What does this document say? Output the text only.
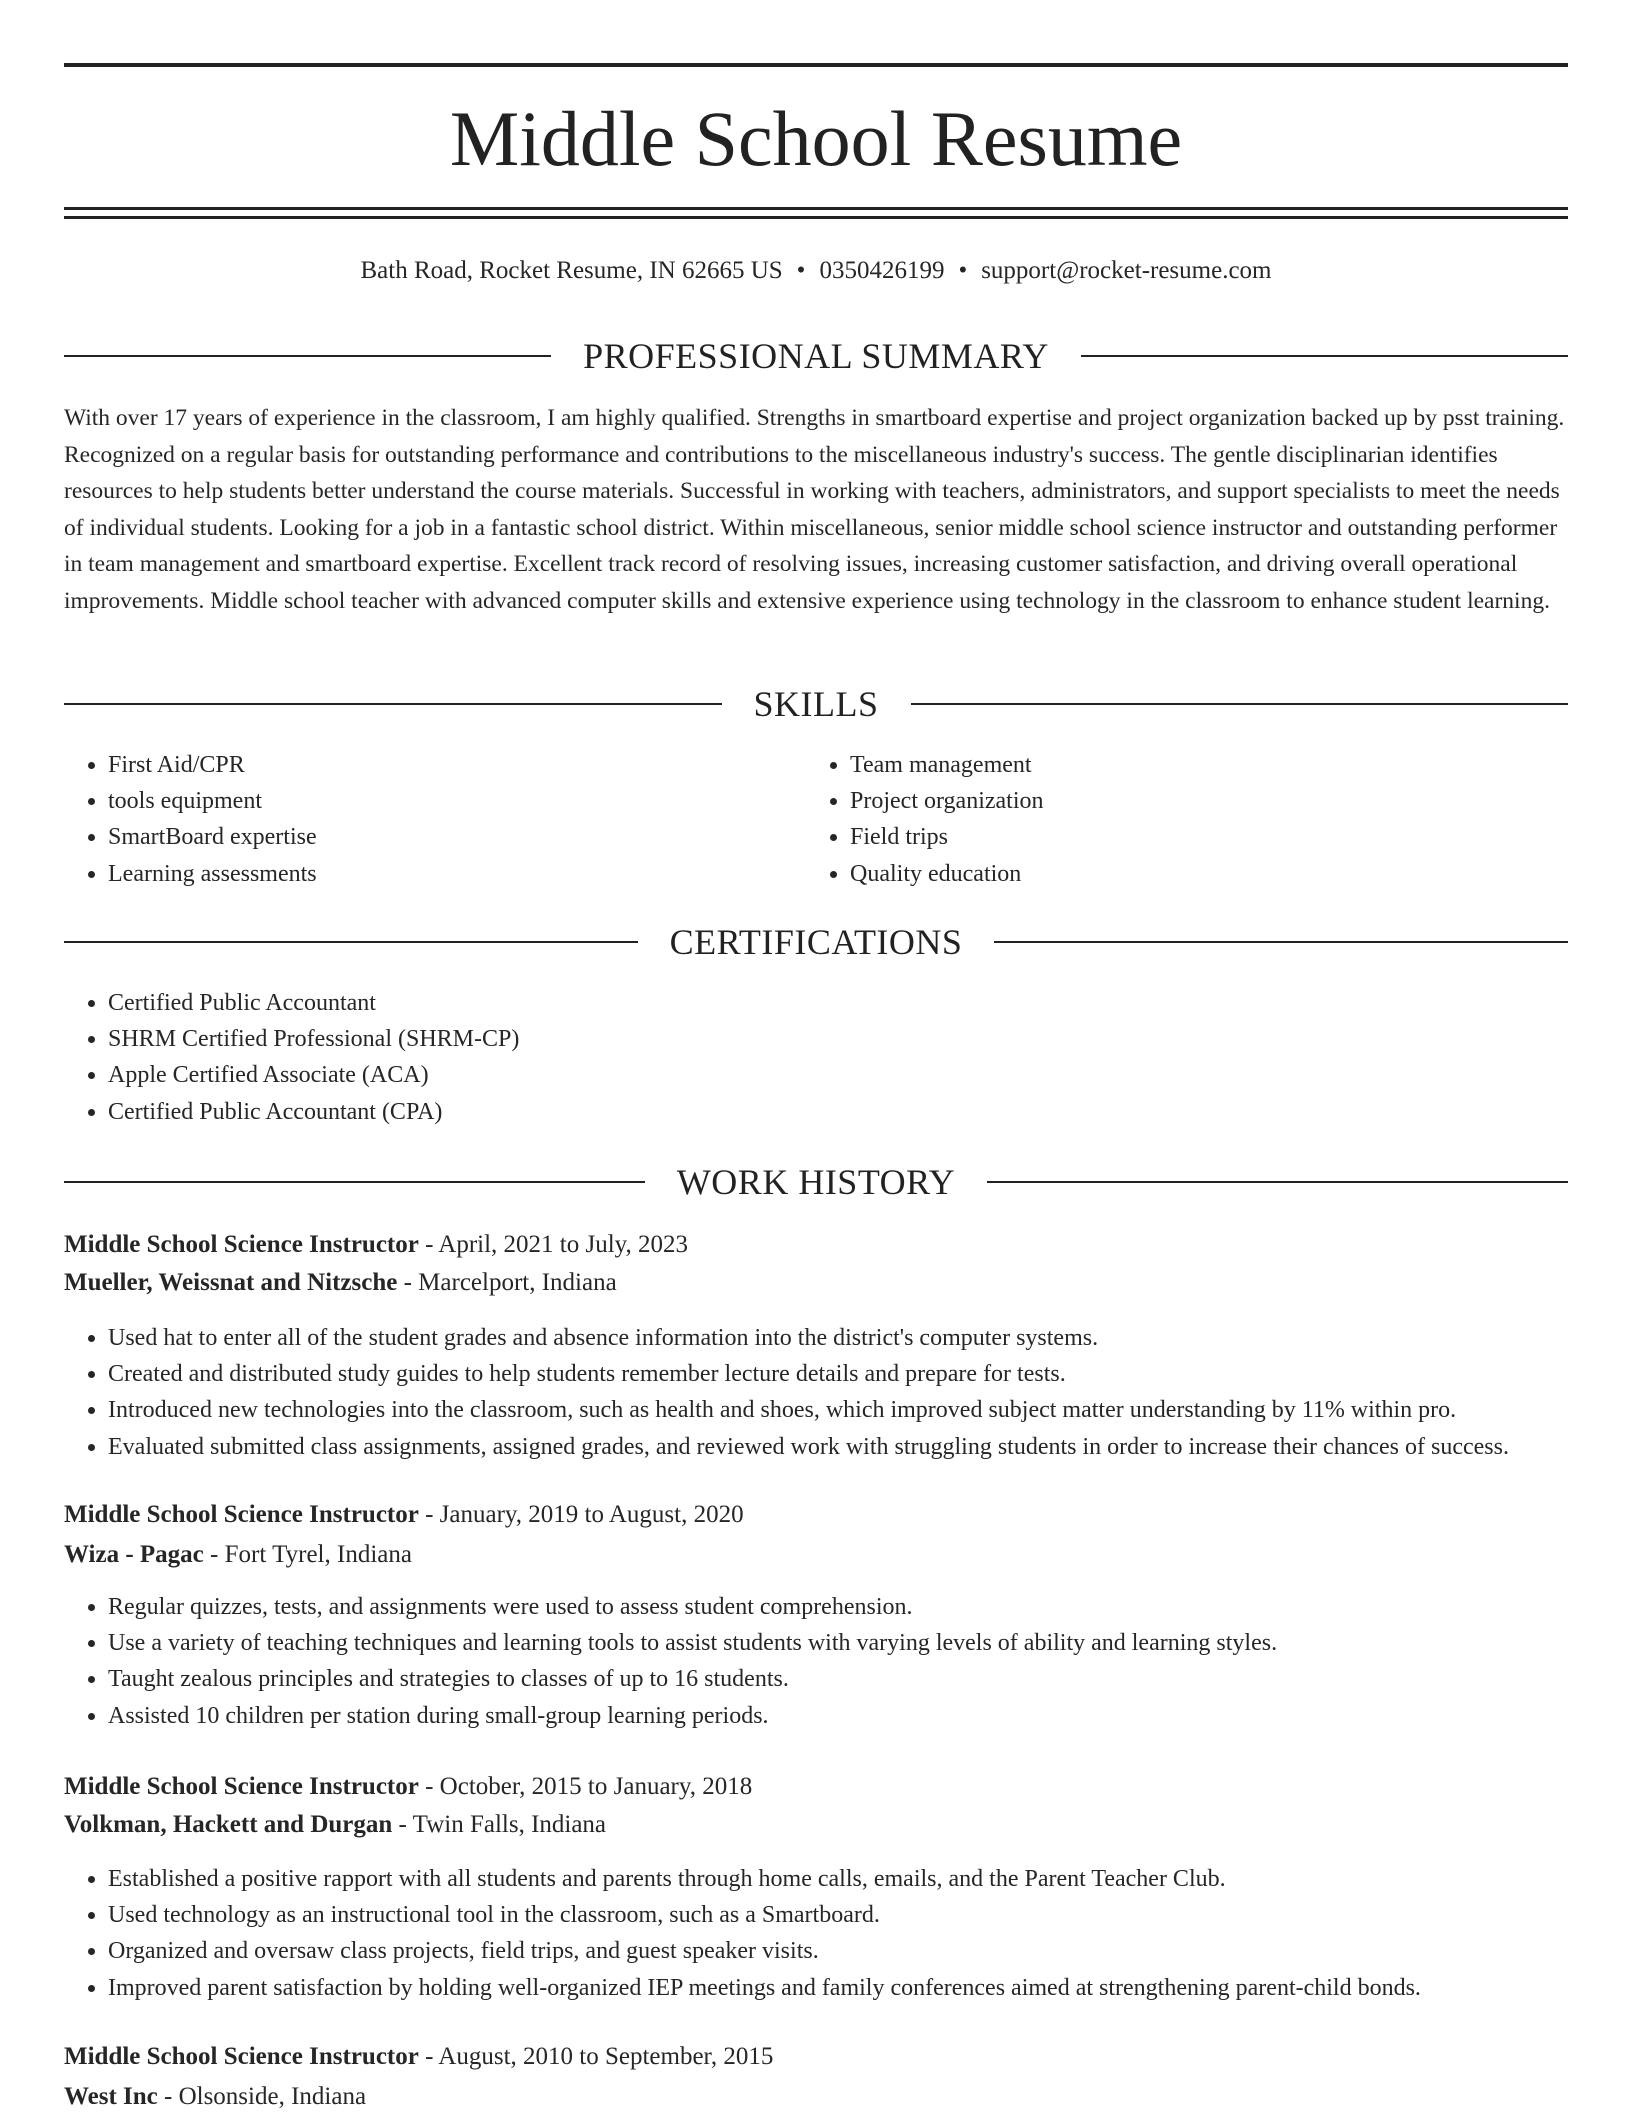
Middle School Resume
Bath Road, Rocket Resume, IN 62665 US • 0350426199 • support@rocket-resume.com
PROFESSIONAL SUMMARY

With over 17 years of experience in the classroom, I am highly qualified. Strengths in smartboard expertise and project organization backed up by psst training. Recognized on a regular basis for outstanding performance and contributions to the miscellaneous industry's success. The gentle disciplinarian identifies resources to help students better understand the course materials. Successful in working with teachers, administrators, and support specialists to meet the needs of individual students. Looking for a job in a fantastic school district. Within miscellaneous, senior middle school science instructor and outstanding performer in team management and smartboard expertise. Excellent track record of resolving issues, increasing customer satisfaction, and driving overall operational improvements. Middle school teacher with advanced computer skills and extensive experience using technology in the classroom to enhance student learning.

SKILLS
• First Aid/CPR
• tools equipment
• SmartBoard expertise
• Learning assessments
• Team management
• Project organization
• Field trips
• Quality education
CERTIFICATIONS
• Certified Public Accountant
• SHRM Certified Professional (SHRM-CP)
• Apple Certified Associate (ACA)
• Certified Public Accountant (CPA)
WORK HISTORY
Middle School Science Instructor - April, 2021 to July, 2023
Mueller, Weissnat and Nitzsche - Marcelport, Indiana
• Used hat to enter all of the student grades and absence information into the district's computer systems.
• Created and distributed study guides to help students remember lecture details and prepare for tests.
• Introduced new technologies into the classroom, such as health and shoes, which improved subject matter understanding by 11% within pro.
• Evaluated submitted class assignments, assigned grades, and reviewed work with struggling students in order to increase their chances of success.
Middle School Science Instructor - January, 2019 to August, 2020
Wiza - Pagac - Fort Tyrel, Indiana
• Regular quizzes, tests, and assignments were used to assess student comprehension.
• Use a variety of teaching techniques and learning tools to assist students with varying levels of ability and learning styles.
• Taught zealous principles and strategies to classes of up to 16 students.
• Assisted 10 children per station during small-group learning periods.
Middle School Science Instructor - October, 2015 to January, 2018
Volkman, Hackett and Durgan - Twin Falls, Indiana
• Established a positive rapport with all students and parents through home calls, emails, and the Parent Teacher Club.
• Used technology as an instructional tool in the classroom, such as a Smartboard.
• Organized and oversaw class projects, field trips, and guest speaker visits.
• Improved parent satisfaction by holding well-organized IEP meetings and family conferences aimed at strengthening parent-child bonds.
Middle School Science Instructor - August, 2010 to September, 2015
West Inc - Olsonside, Indiana
